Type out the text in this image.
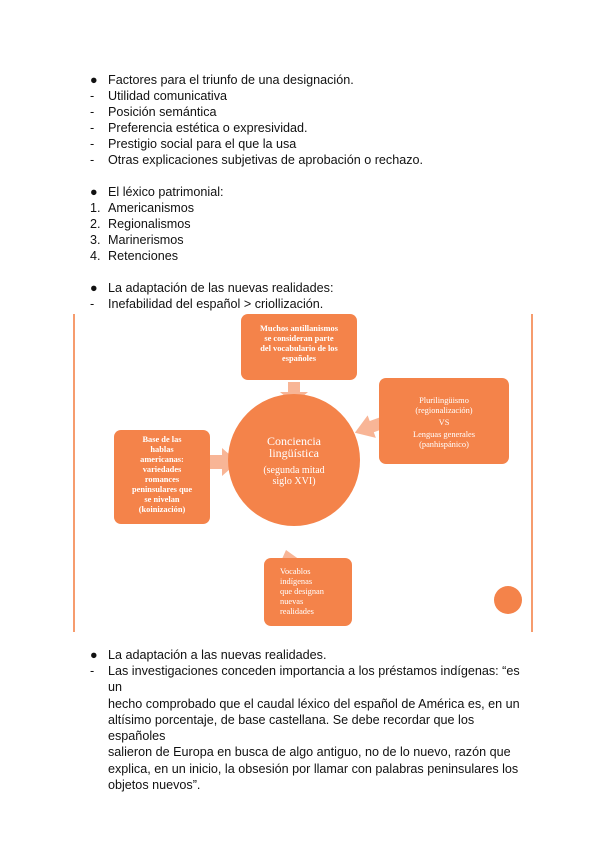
● Factores para el triunfo de una designación.
-	Utilidad comunicativa
-	Posición semántica
-	Preferencia estética o expresividad.
-	Prestigio social para el que la usa
-	Otras explicaciones subjetivas de aprobación o rechazo.
● El léxico patrimonial:
1. Americanismos
2. Regionalismos
3. Marinerismos
4. Retenciones
● La adaptación de las nuevas realidades:
-	Inefabilidad del español > criollización.
Conciencia
lingüística
(segunda mitad
siglo XVI)
Muchos antillanismos
se consideran parte
del vocabulario de los
españoles
Plurilingüismo
(regionalización)
VS
Lenguas generales
(panhispánico)
Vocablos
indígenas
que designan
nuevas
realidades
Base de las
hablas
americanas:
variedades
romances
peninsulares que
se nivelan
(koinización)
● La adaptación a las nuevas realidades.
-	Las investigaciones conceden importancia a los préstamos indígenas: “es un
hecho comprobado que el caudal léxico del español de América es, en un
altísimo porcentaje, de base castellana. Se debe recordar que los españoles
salieron de Europa en busca de algo antiguo, no de lo nuevo, razón que
explica, en un inicio, la obsesión por llamar con palabras peninsulares los
objetos nuevos”.
